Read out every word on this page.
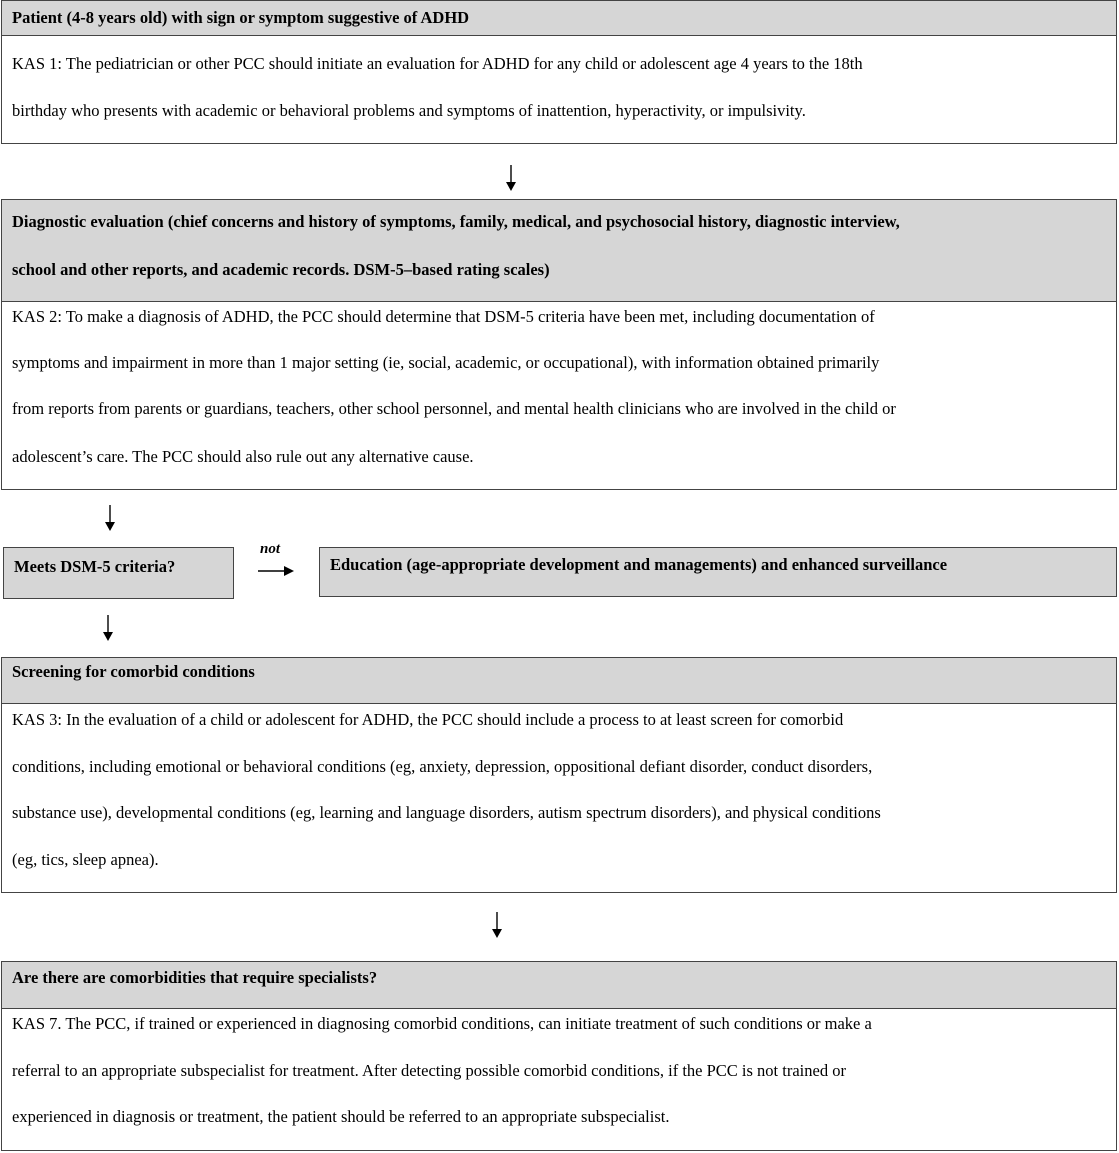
Patient (4-8 years old) with sign or symptom suggestive of ADHD
KAS 1: The pediatrician or other PCC should initiate an evaluation for ADHD for any child or adolescent age 4 years to the 18th
birthday who presents with academic or behavioral problems and symptoms of inattention, hyperactivity, or impulsivity.
Diagnostic evaluation (chief concerns and history of symptoms, family, medical, and psychosocial history, diagnostic interview,
school and other reports, and academic records. DSM-5–based rating scales)
KAS 2: To make a diagnosis of ADHD, the PCC should determine that DSM-5 criteria have been met, including documentation of
symptoms and impairment in more than 1 major setting (ie, social, academic, or occupational), with information obtained primarily
from reports from parents or guardians, teachers, other school personnel, and mental health clinicians who are involved in the child or
adolescent’s care. The PCC should also rule out any alternative cause.
Meets DSM-5 criteria?
not
Education (age-appropriate development and managements) and enhanced surveillance
Screening for comorbid conditions
KAS 3: In the evaluation of a child or adolescent for ADHD, the PCC should include a process to at least screen for comorbid
conditions, including emotional or behavioral conditions (eg, anxiety, depression, oppositional defiant disorder, conduct disorders,
substance use), developmental conditions (eg, learning and language disorders, autism spectrum disorders), and physical conditions
(eg, tics, sleep apnea).
Are there are comorbidities that require specialists?
KAS 7. The PCC, if trained or experienced in diagnosing comorbid conditions, can initiate treatment of such conditions or make a
referral to an appropriate subspecialist for treatment. After detecting possible comorbid conditions, if the PCC is not trained or
experienced in diagnosis or treatment, the patient should be referred to an appropriate subspecialist.
